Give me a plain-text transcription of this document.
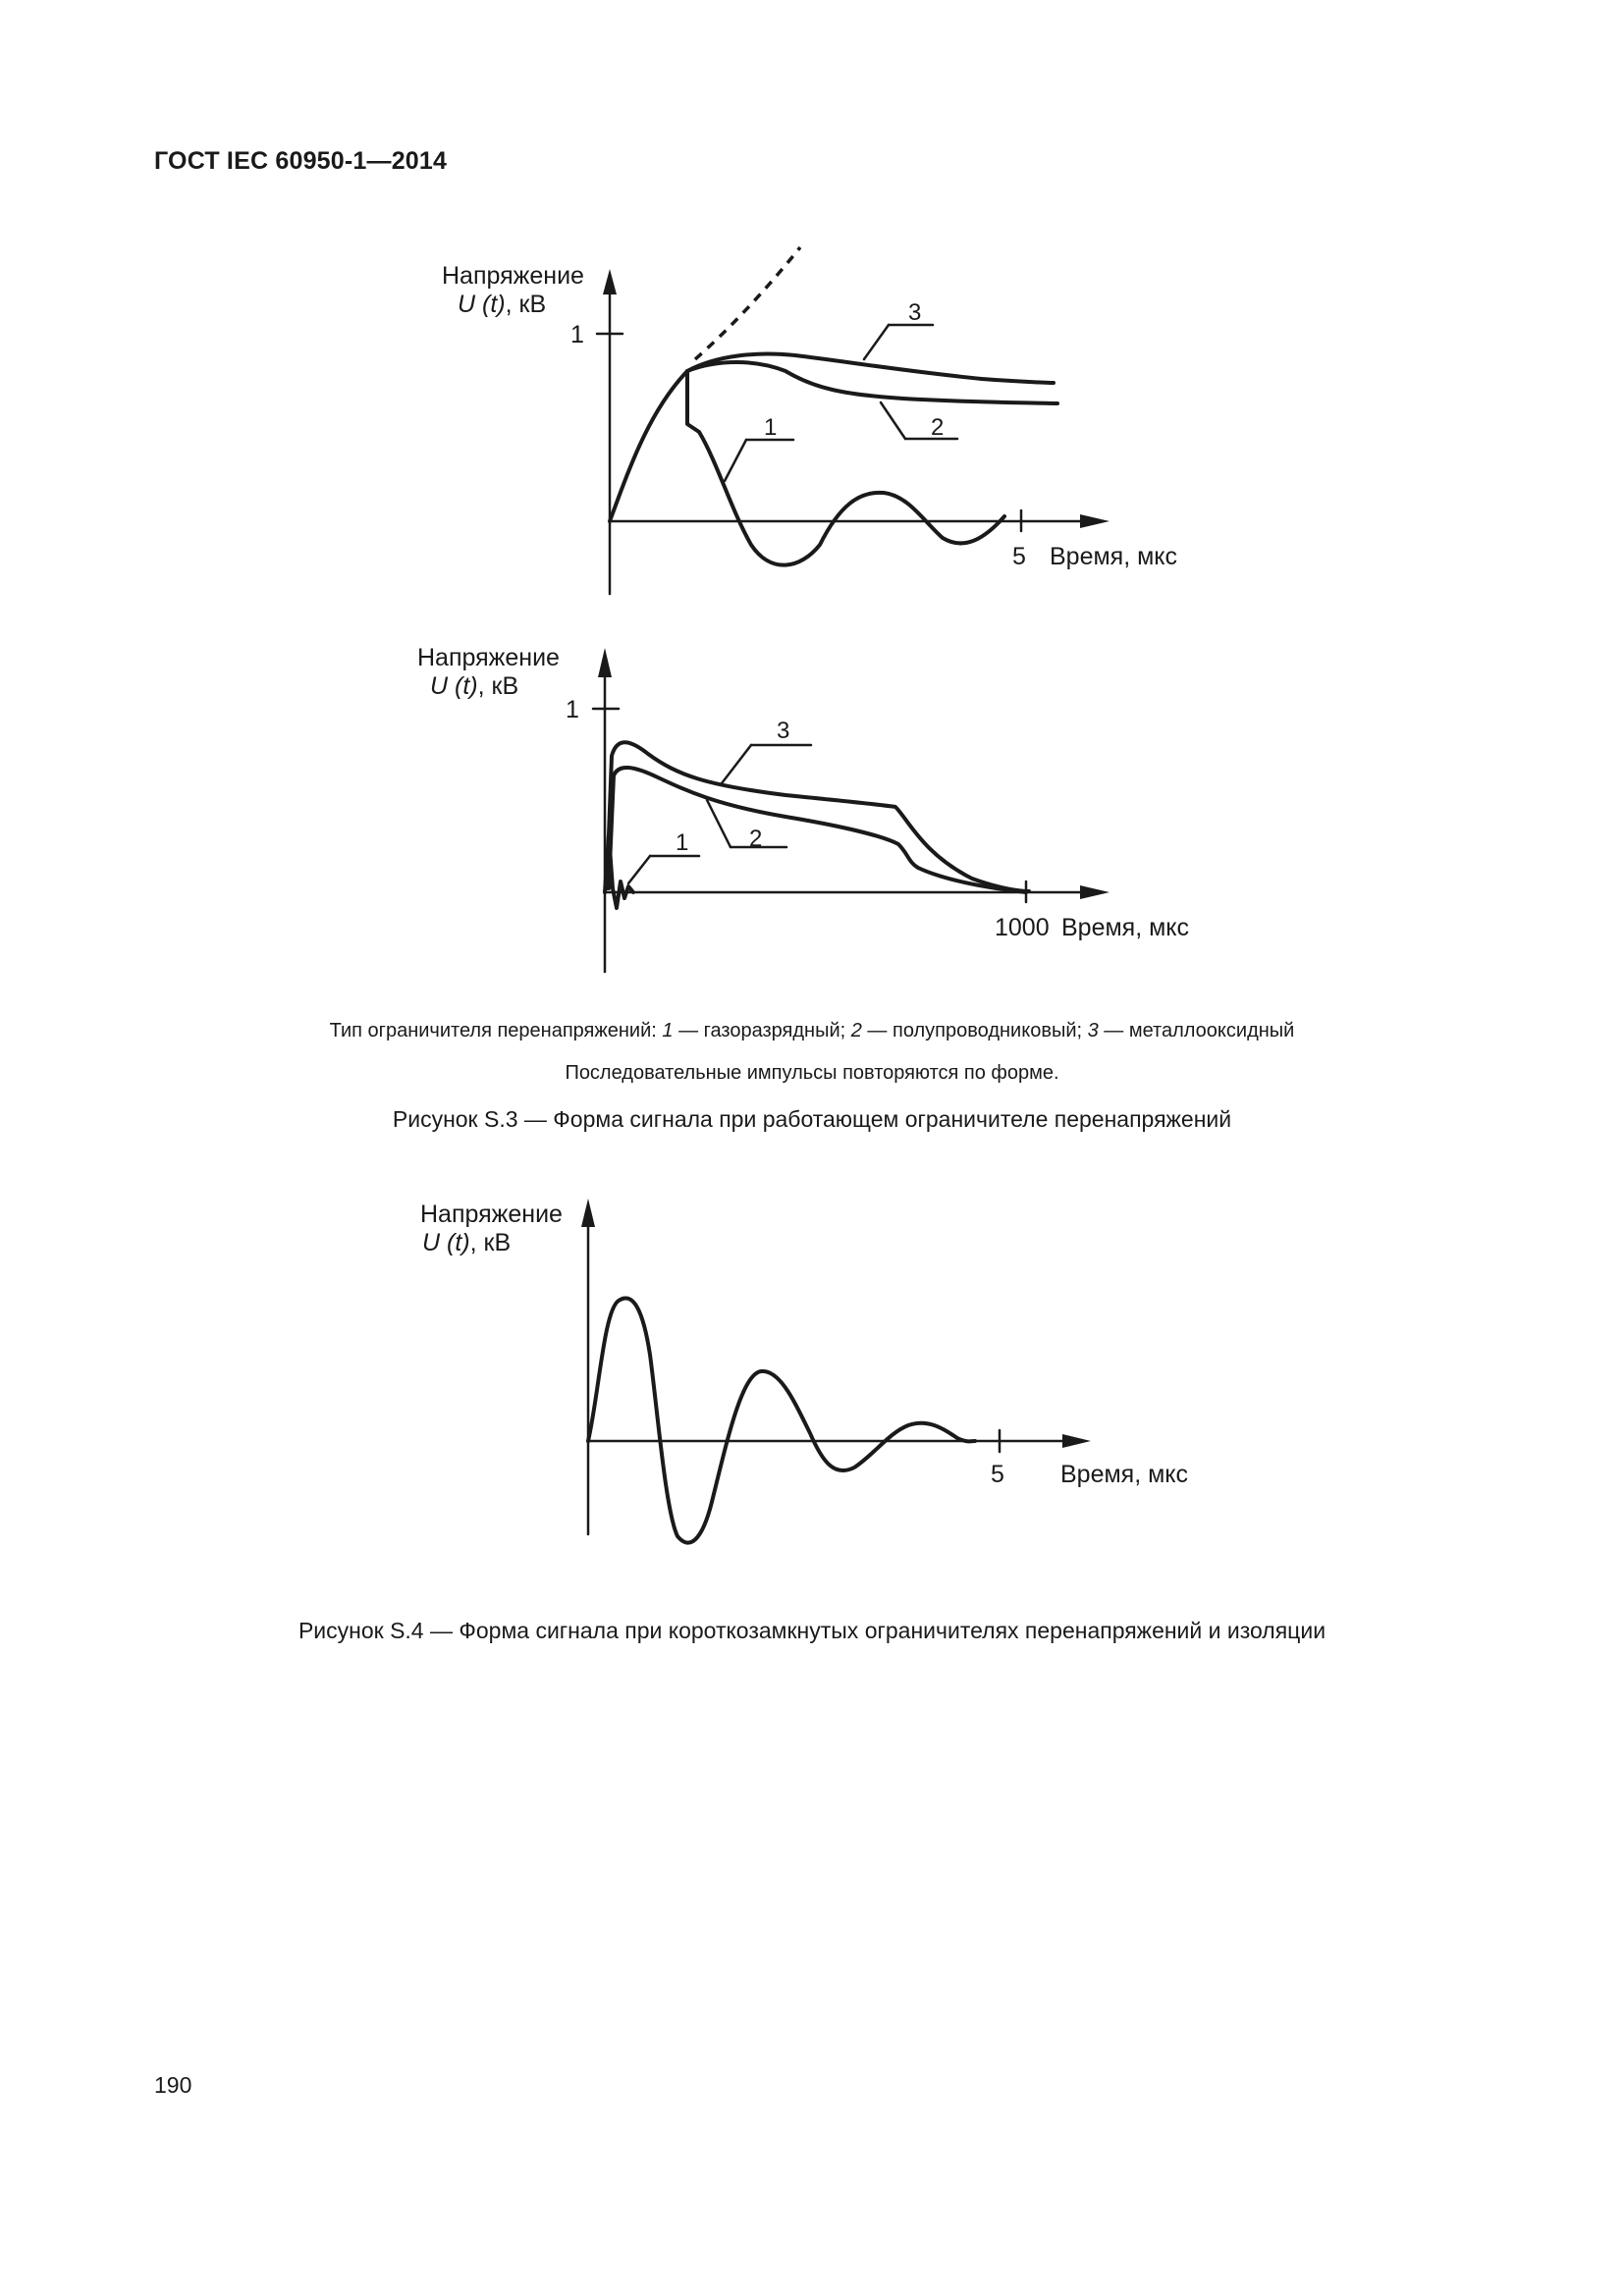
ГОСТ IEC 60950-1—2014
Напряжение
U (t), кВ
1
5 Время, мкс
3
2
1
Напряжение
U (t), кВ
1
1000 Время, мкс
3
2
1
Напряжение
U (t), кВ
5 Время, мкс
Тип ограничителя перенапряжений: 1 — газоразрядный; 2 — полупроводниковый; 3 — металлооксидный
Последовательные импульсы повторяются по форме.
Рисунок S.3 — Форма сигнала при работающем ограничителе перенапряжений
Рисунок S.4 — Форма сигнала при короткозамкнутых ограничителях перенапряжений и изоляции
190
